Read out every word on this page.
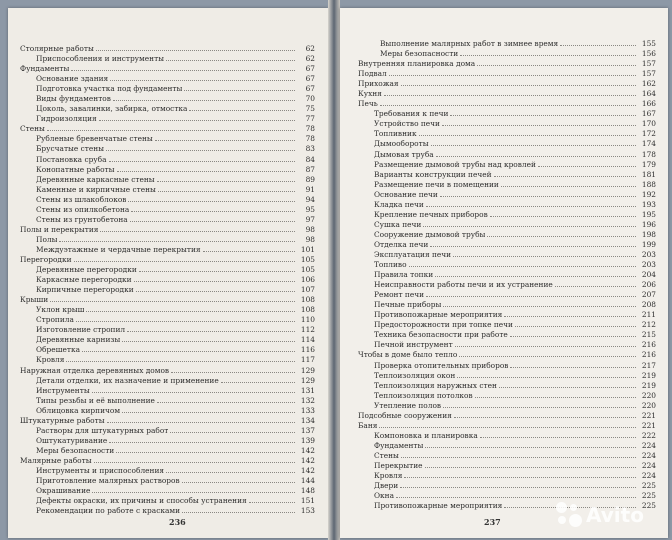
Столярные работы	62
Приспособления и инструменты	62
Фундаменты	67
Основание здания	67
Подготовка участка под фундаменты	67
Виды фундаментов	70
Цоколь, завалинки, забирка, отмостка	75
Гидроизоляция	77
Стены	78
Рубленые бревенчатые стены	78
Брусчатые стены	83
Постановка сруба	84
Конопатные работы	87
Деревянные каркасные стены	89
Каменные и кирпичные стены	91
Стены из шлакоблоков	94
Стены из опилкобетона	95
Стены из грунтобетона	97
Полы и перекрытия	98
Полы	98
Междуэтажные и чердачные перекрытия	101
Перегородки	105
Деревянные перегородки	105
Каркасные перегородки	106
Кирпичные перегородки	107
Крыши	108
Уклон крыш	108
Стропила	110
Изготовление стропил	112
Деревянные карнизы	114
Обрешетка	116
Кровля	117
Наружная отделка деревянных домов	129
Детали отделки, их назначение и применение	129
Инструменты	131
Типы резьбы и её выполнение	132
Облицовка кирпичом	133
Штукатурные работы	134
Растворы для штукатурных работ	137
Оштукатуривание	139
Меры безопасности	142
Малярные работы	142
Инструменты и приспособления	142
Приготовление малярных растворов	144
Окрашивание	148
Дефекты окраски, их причины и способы устранения	151
Рекомендации по работе с красками	153
236
Выполнение малярных работ в зимнее время	155
Меры безопасности	156
Внутренняя планировка дома	157
Подвал	157
Прихожая	162
Кухня	164
Печь	166
Требования к печи	167
Устройство печи	170
Топливник	172
Дымообороты	174
Дымовая труба	178
Размещение дымовой трубы над кровлей	179
Варианты конструкции печей	181
Размещение печи в помещении	188
Основание печи	192
Кладка печи	193
Крепление печных приборов	195
Сушка печи	196
Сооружение дымовой трубы	198
Отделка печи	199
Эксплуатация печи	203
Топливо	203
Правила топки	204
Неисправности работы печи и их устранение	206
Ремонт печи	207
Печные приборы	208
Противопожарные мероприятия	211
Предосторожности при топке печи	212
Техника безопасности при работе	215
Печной инструмент	216
Чтобы в доме было тепло	216
Проверка отопительных приборов	217
Теплоизоляция окон	219
Теплоизоляция наружных стен	219
Теплоизоляция потолков	220
Утепление полов	220
Подсобные сооружения	221
Баня	221
Компоновка и планировка	222
Фундаменты	224
Стены	224
Перекрытие	224
Кровля	224
Двери	225
Окна	225
Противопожарные мероприятия	225
237	Avito
